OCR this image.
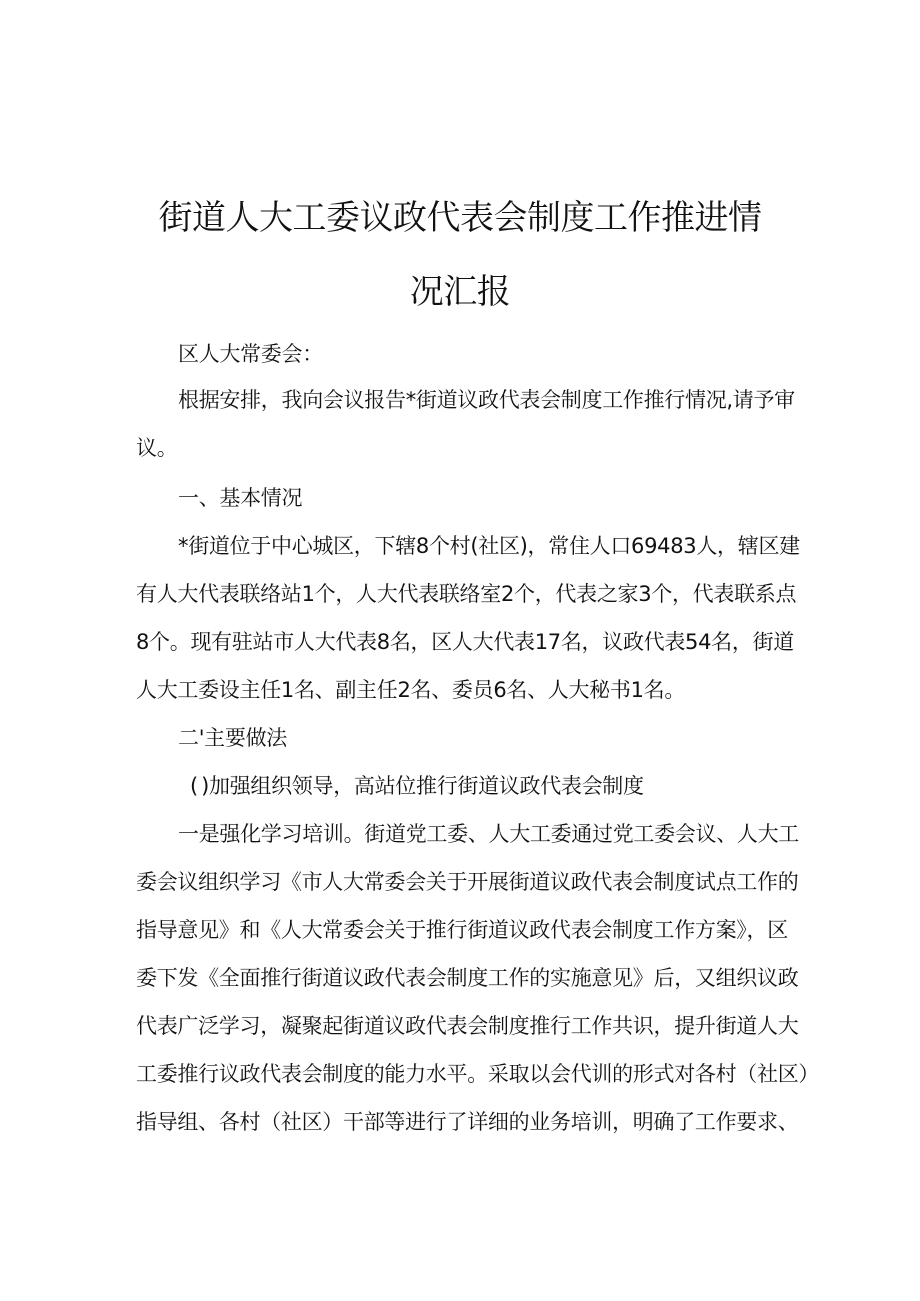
街道人大工委议政代表会制度工作推进情
况汇报
区人大常委会：
根据安排，我向会议报告*街道议政代表会制度工作推行情况,请予审
议。
一、基本情况
*街道位于中心城区，下辖8个村(社区)，常住人口69483人，辖区建
有人大代表联络站1个，人大代表联络室2个，代表之家3个，代表联系点
8个。现有驻站市人大代表8名，区人大代表17名，议政代表54名，街道
人大工委设主任1名、副主任2名、委员6名、人大秘书1名。
二'主要做法
( )加强组织领导，高站位推行街道议政代表会制度
一是强化学习培训。街道党工委、人大工委通过党工委会议、人大工
委会议组织学习《市人大常委会关于开展街道议政代表会制度试点工作的
指导意见》和《人大常委会关于推行街道议政代表会制度工作方案》，区
委下发《全面推行街道议政代表会制度工作的实施意见》后，又组织议政
代表广泛学习，凝聚起街道议政代表会制度推行工作共识，提升街道人大
工委推行议政代表会制度的能力水平。采取以会代训的形式对各村（社区）
指导组、各村（社区）干部等进行了详细的业务培训，明确了工作要求、
